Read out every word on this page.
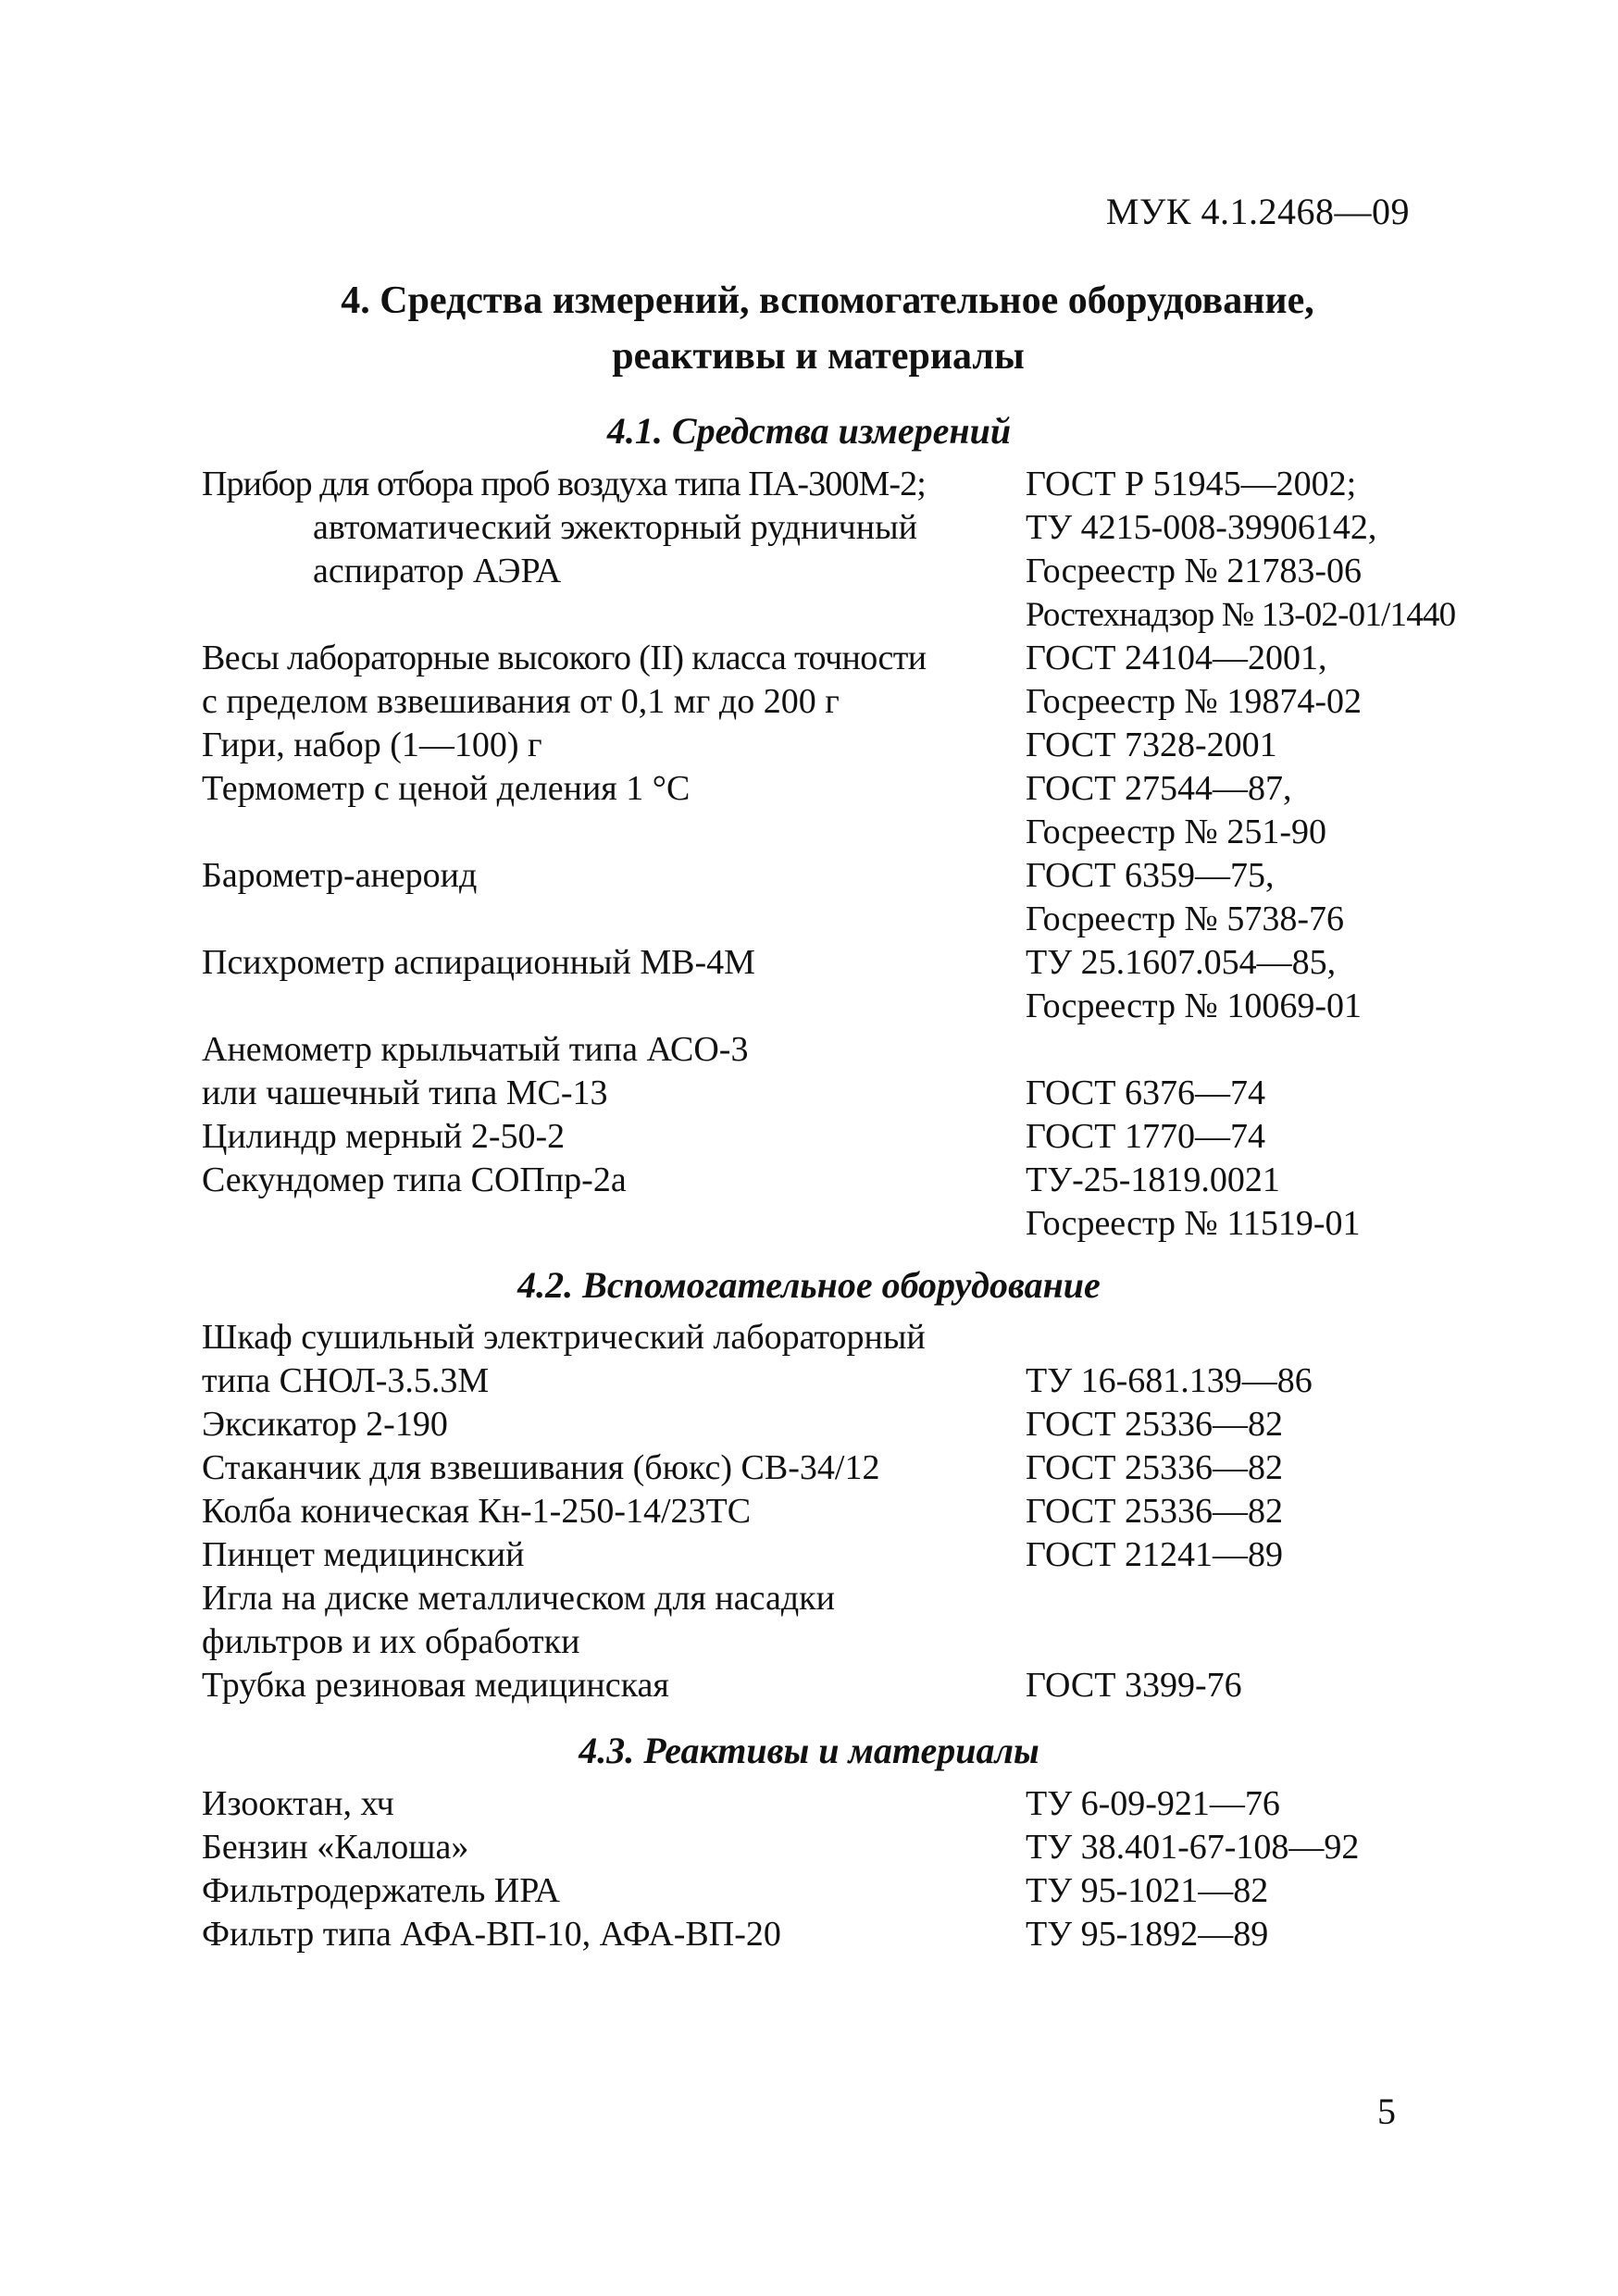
МУК 4.1.2468—09
4. Средства измерений, вспомогательное оборудование,
реактивы и материалы
4.1. Средства измерений
Прибор для отбора проб воздуха типа ПА-300М-2;	ГОСТ Р 51945—2002;
автоматический эжекторный рудничный	ТУ 4215-008-39906142,
аспиратор АЭРА	Госреестр № 21783-06
Ростехнадзор № 13-02-01/1440
Весы лабораторные высокого (II) класса точности	ГОСТ 24104—2001,
с пределом взвешивания от 0,1 мг до 200 г	Госреестр № 19874-02
Гири, набор (1—100) г	ГОСТ 7328-2001
Термометр с ценой деления 1 °С	ГОСТ 27544—87,
Госреестр № 251-90
Барометр-анероид	ГОСТ 6359—75,
Госреестр № 5738-76
Психрометр аспирационный МВ-4М	ТУ 25.1607.054—85,
Госреестр № 10069-01
Анемометр крыльчатый типа АСО-3
или чашечный типа МС-13	ГОСТ 6376—74
Цилиндр мерный 2-50-2	ГОСТ 1770—74
Секундомер типа СОПпр-2а	ТУ-25-1819.0021
Госреестр № 11519-01
4.2. Вспомогательное оборудование
Шкаф сушильный электрический лабораторный
типа СНОЛ-3.5.3М	ТУ 16-681.139—86
Эксикатор 2-190	ГОСТ 25336—82
Стаканчик для взвешивания (бюкс) СВ-34/12	ГОСТ 25336—82
Колба коническая Кн-1-250-14/23ТС	ГОСТ 25336—82
Пинцет медицинский	ГОСТ 21241—89
Игла на диске металлическом для насадки
фильтров и их обработки
Трубка резиновая медицинская	ГОСТ 3399-76
4.3. Реактивы и материалы
Изооктан, хч	ТУ 6-09-921—76
Бензин «Калоша»	ТУ 38.401-67-108—92
Фильтродержатель ИРА	ТУ 95-1021—82
Фильтр типа АФА-ВП-10, АФА-ВП-20	ТУ 95-1892—89
5
